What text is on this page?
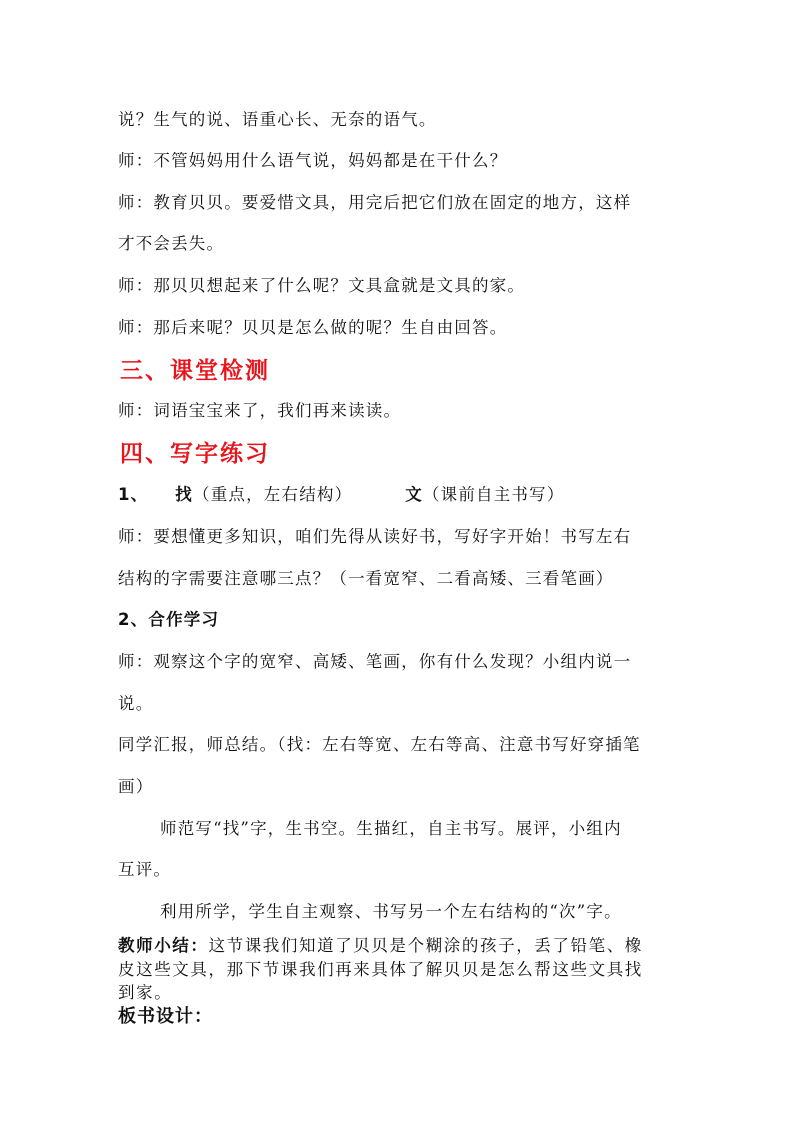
说？生气的说、语重心长、无奈的语气。
师：不管妈妈用什么语气说，妈妈都是在干什么？
师：教育贝贝。要爱惜文具，用完后把它们放在固定的地方，这样
才不会丢失。
师：那贝贝想起来了什么呢？文具盒就是文具的家。
师：那后来呢？贝贝是怎么做的呢？生自由回答。
三、课堂检测
师：词语宝宝来了，我们再来读读。
四、写字练习
1、 找（重点，左右结构）	文（课前自主书写）
师：要想懂更多知识，咱们先得从读好书，写好字开始！书写左右
结构的字需要注意哪三点？（一看宽窄、二看高矮、三看笔画）
2、合作学习
师：观察这个字的宽窄、高矮、笔画，你有什么发现？小组内说一
说。
同学汇报，师总结。（找：左右等宽、左右等高、注意书写好穿插笔
画）
师范写“找”字，生书空。生描红，自主书写。展评，小组内
互评。
利用所学，学生自主观察、书写另一个左右结构的“次”字。
教师小结：这节课我们知道了贝贝是个糊涂的孩子，丢了铅笔、橡
皮这些文具，那下节课我们再来具体了解贝贝是怎么帮这些文具找
到家。
板书设计：
